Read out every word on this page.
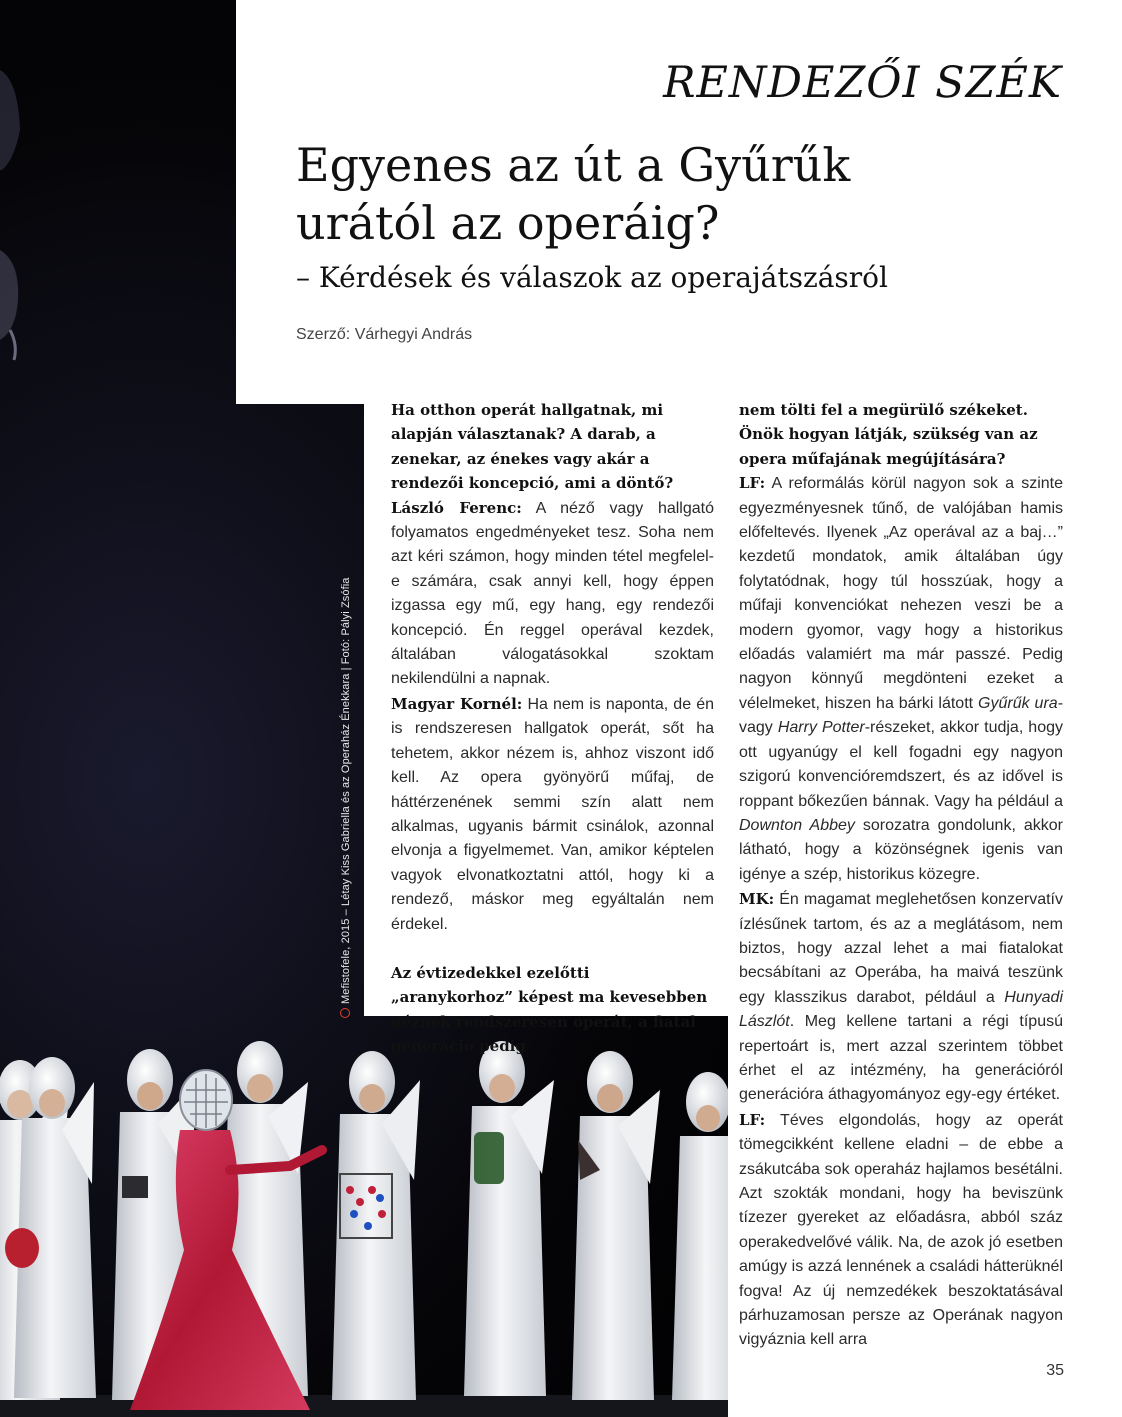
RENDEZŐI SZÉK
Egyenes az út a Gyűrűk
urától az operáig?
– Kérdések és válaszok az operajátszásról
Szerző: Várhegyi András
Mefistofele, 2015 – Létay Kiss Gabriella és az Operaház Énekkara | Fotó: Pályi Zsófia

Ha otthon operát hallgatnak, mi alapján választanak? A darab, a zenekar, az énekes vagy akár a rendezői koncepció, ami a döntő?

László Ferenc: A néző vagy hallgató folyamatos engedményeket tesz. Soha nem azt kéri számon, hogy minden tétel megfelel-e számára, csak annyi kell, hogy éppen izgassa egy mű, egy hang, egy rendezői koncepció. Én reggel operával kezdek, általában válogatásokkal szoktam nekilendülni a napnak.

Magyar Kornél: Ha nem is naponta, de én is rendszeresen hallgatok operát, sőt ha tehetem, akkor nézem is, ahhoz viszont idő kell. Az opera gyönyörű műfaj, de háttérzenének semmi szín alatt nem alkalmas, ugyanis bármit csinálok, azonnal elvonja a figyelmemet. Van, amikor képtelen vagyok elvonatkoztatni attól, hogy ki a rendező, máskor meg egyáltalán nem érdekel.

Az évtizedekkel ezelőtti „aranykorhoz” képest ma kevesebben néznek rendszeresen operát, a fiatal generáció pedig

nem tölti fel a megürülő székeket. Önök hogyan látják, szükség van az opera műfajának megújítására?

LF: A reformálás körül nagyon sok a szinte egyezményesnek tűnő, de valójában hamis előfeltevés. Ilyenek „Az operával az a baj…” kezdetű mondatok, amik általában úgy folytatódnak, hogy túl hosszúak, hogy a műfaji konvenciókat nehezen veszi be a modern gyomor, vagy hogy a historikus előadás valamiért ma már passzé. Pedig nagyon könnyű megdönteni ezeket a vélelmeket, hiszen ha bárki látott Gyűrűk ura- vagy Harry Potter-részeket, akkor tudja, hogy ott ugyanúgy el kell fogadni egy nagyon szigorú konvencióremdszert, és az idővel is roppant bőkezűen bánnak. Vagy ha például a Downton Abbey sorozatra gondolunk, akkor látható, hogy a közönségnek igenis van igénye a szép, historikus közegre.

MK: Én magamat meglehetősen konzervatív ízlésűnek tartom, és az a meglátásom, nem biztos, hogy azzal lehet a mai fiatalokat becsábítani az Operába, ha maivá teszünk egy klasszikus darabot, például a Hunyadi Lászlót. Meg kellene tartani a régi típusú repertoárt is, mert azzal szerintem többet érhet el az intézmény, ha generációról generációra áthagyományoz egy-egy értéket.

LF: Téves elgondolás, hogy az operát tömegcikként kellene eladni – de ebbe a zsákutcába sok operaház hajlamos besétálni. Azt szokták mondani, hogy ha beviszünk tízezer gyereket az előadásra, abból száz operakedvelővé válik. Na, de azok jó esetben amúgy is azzá lennének a családi hátterüknél fogva! Az új nemzedékek beszoktatásával párhuzamosan persze az Operának nagyon vigyáznia kell arra

35
